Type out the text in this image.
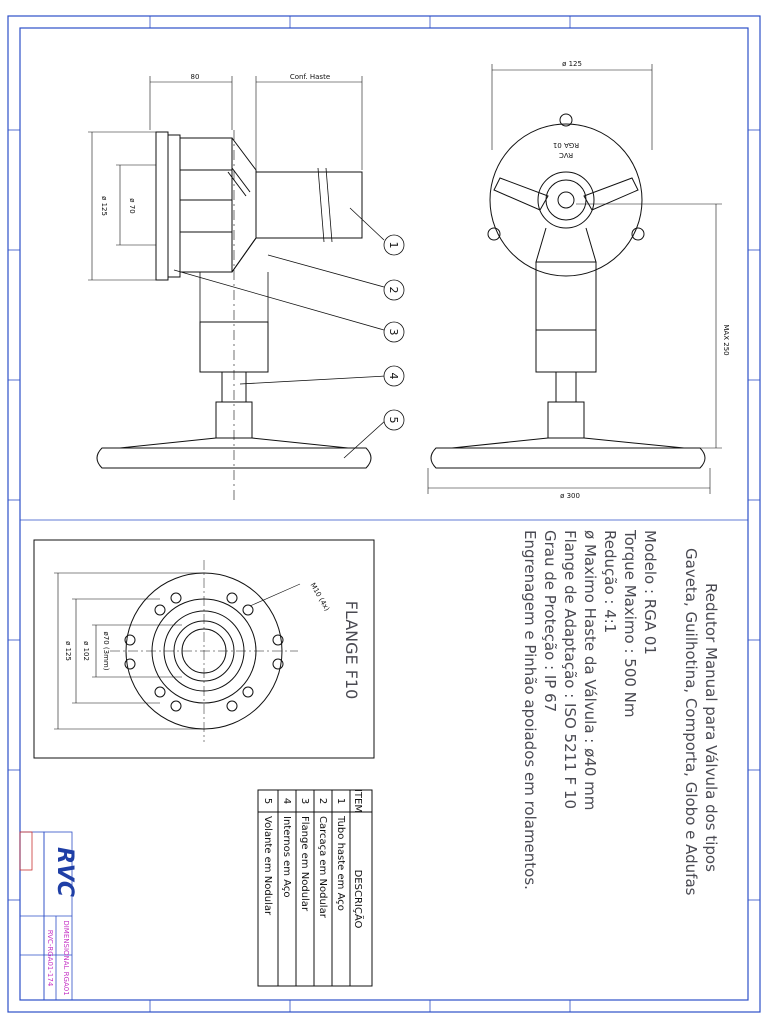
80	Conf. Haste
ø 125	ø 70
1
2
3
4
5
ø 125
RVC
RGA 01
ø 300
MAX 250
FLANGE F10
M10 (4x)
ø 125 ø 102 ø70 (3mm)
ITEM
DESCRIÇÃO
1
Tubo haste em Aço
2
Carcaça em Nodular
3
Flange em Nodular
4
Internos em Aço
5
Volante em Nodular	Redutor Manual para Válvula dos tipos
Gaveta, Guilhotina, Comporta, Globo e Adufas
Modelo : RGA 01
Torque Maximo : 500 Nm
Redução : 4:1
ø Maximo Haste da Válvula : ø40 mm
Flange de Adaptação : ISO 5211 F 10
Grau de Proteção : IP 67
Engrenagem e Pinhão apoiados em rolamentos.
RVC
DIMENSIONAL RGA01
RVC-RGA01-174
